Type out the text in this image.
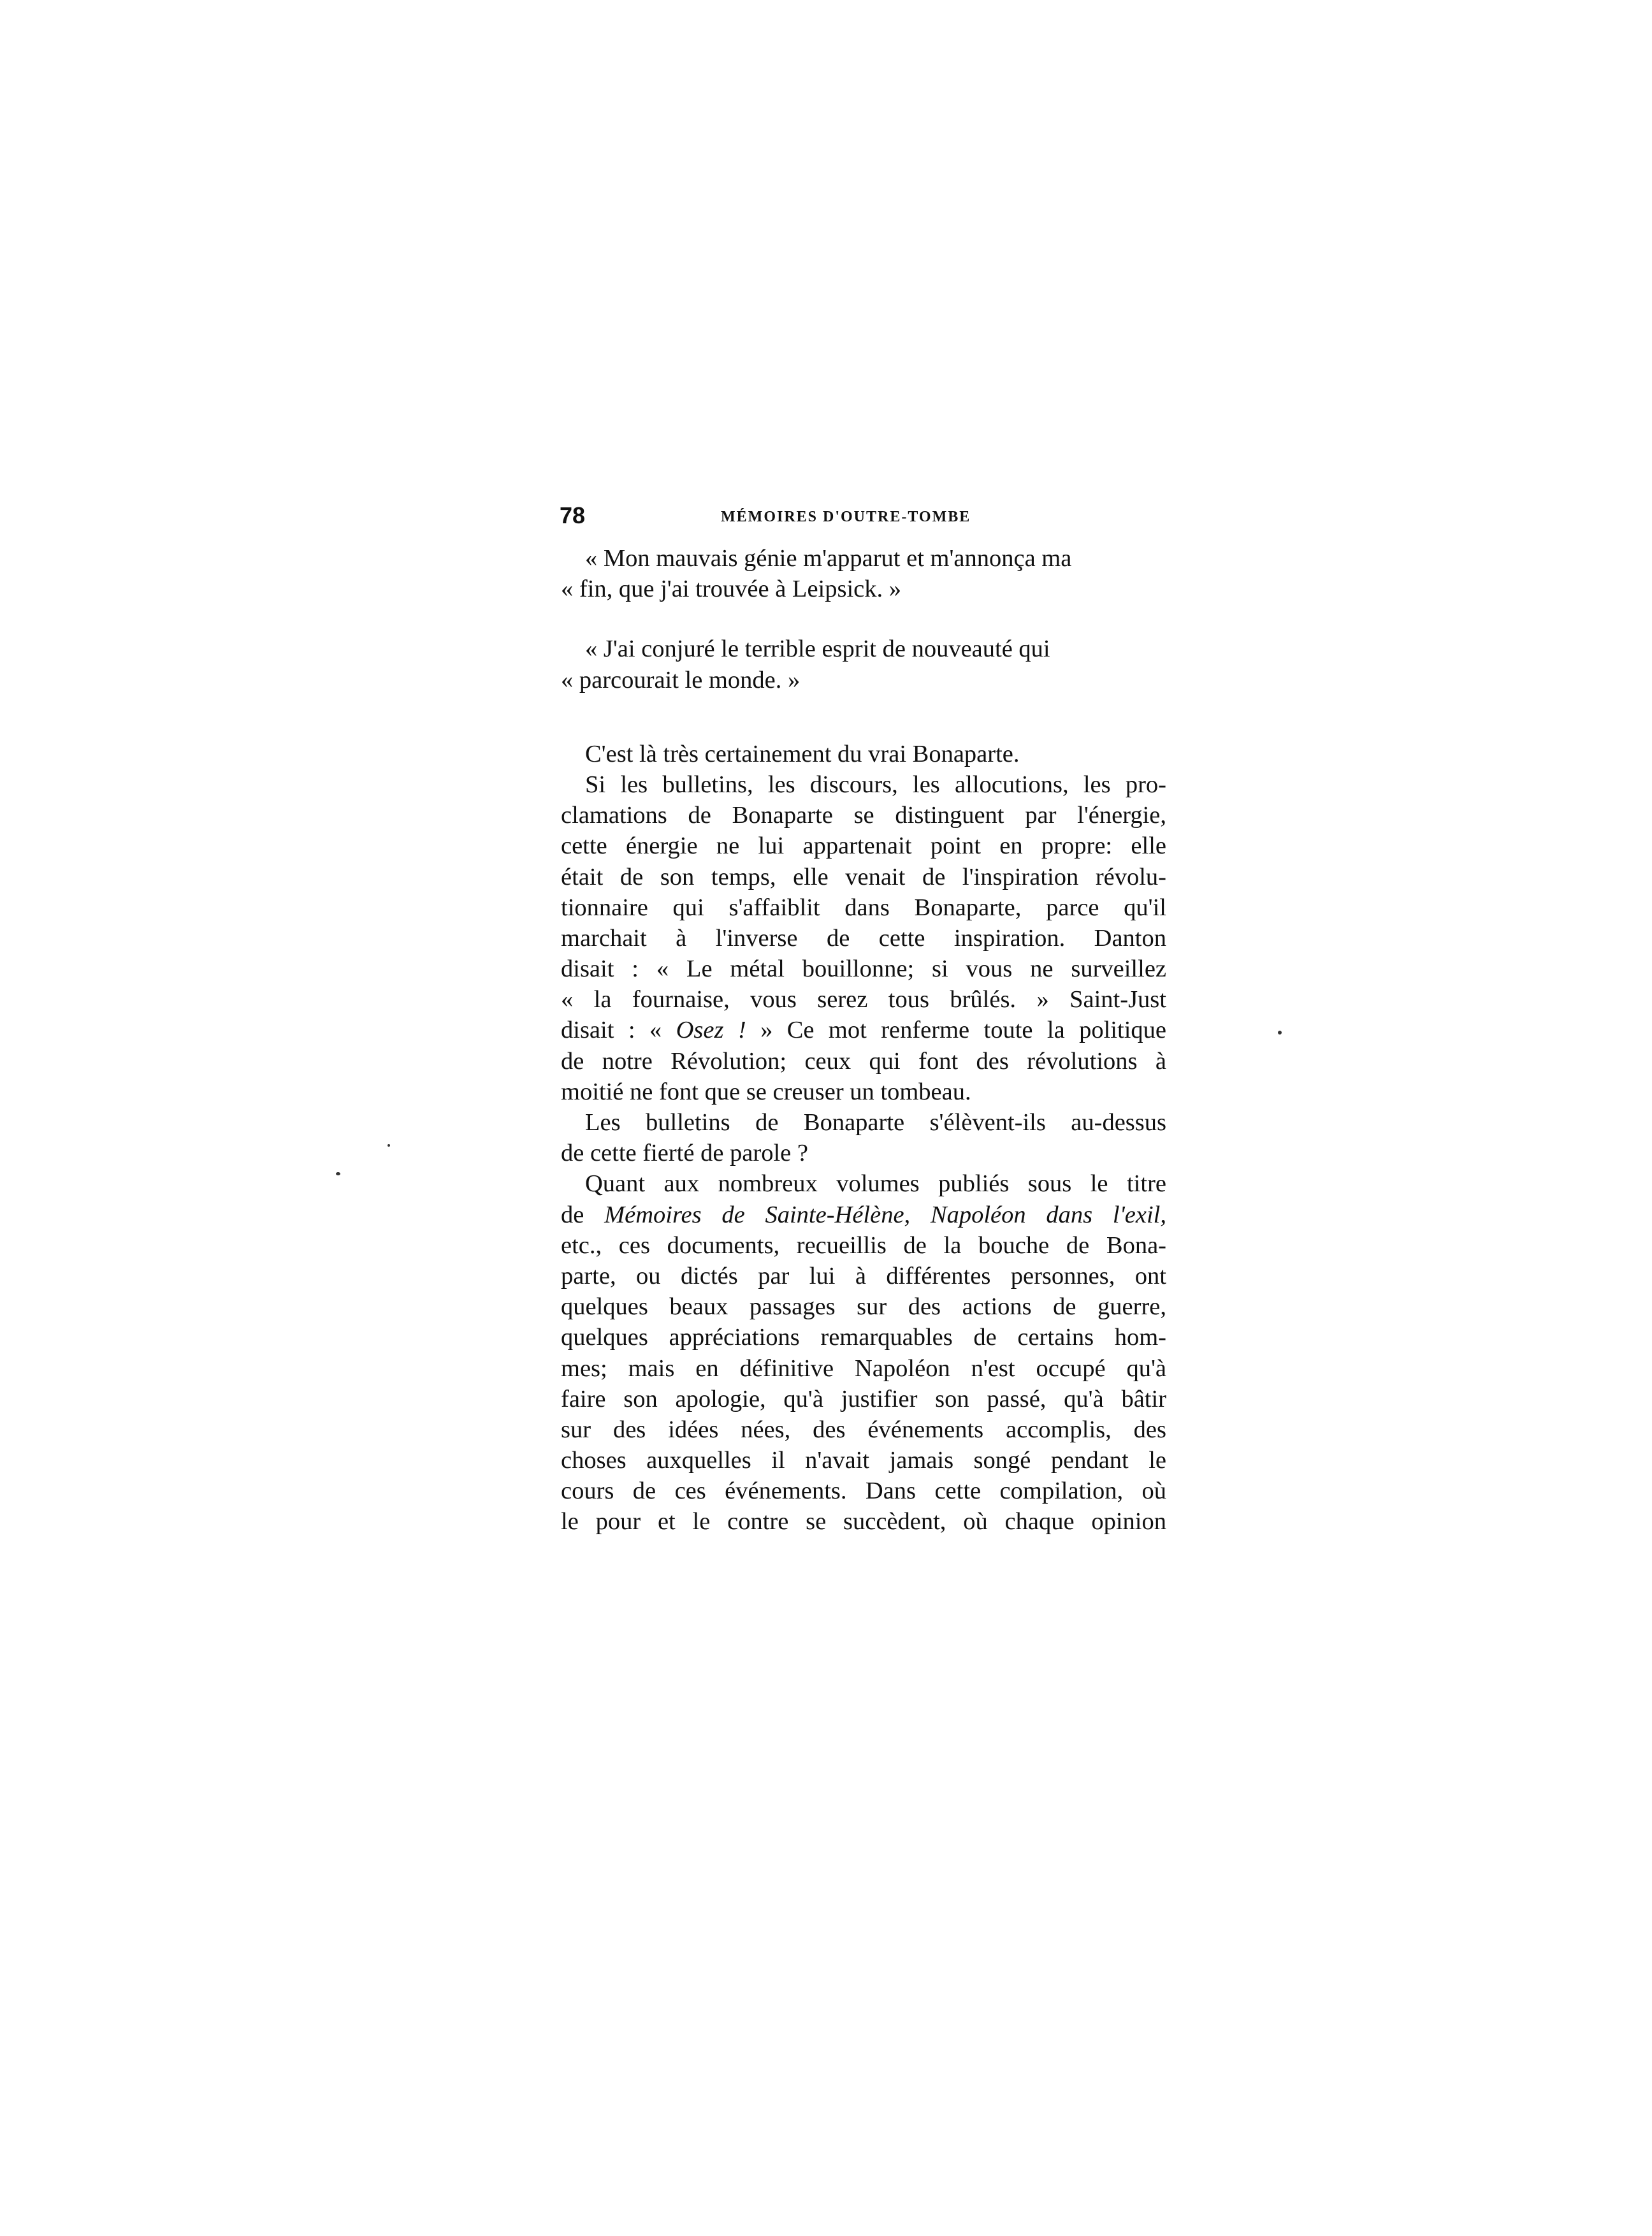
78	MÉMOIRES D'OUTRE-TOMBE
« Mon mauvais génie m'apparut et m'annonça ma
« fin, que j'ai trouvée à Leipsick. »
« J'ai conjuré le terrible esprit de nouveauté qui
« parcourait le monde. »
C'est là très certainement du vrai Bonaparte.
Si les bulletins, les discours, les allocutions, les pro-
clamations de Bonaparte se distinguent par l'énergie,
cette énergie ne lui appartenait point en propre: elle
était de son temps, elle venait de l'inspiration révolu-
tionnaire qui s'affaiblit dans Bonaparte, parce qu'il
marchait à l'inverse de cette inspiration. Danton
disait : « Le métal bouillonne; si vous ne surveillez
« la fournaise, vous serez tous brûlés. » Saint-Just
disait : « Osez ! » Ce mot renferme toute la politique
de notre Révolution; ceux qui font des révolutions à
moitié ne font que se creuser un tombeau.
Les bulletins de Bonaparte s'élèvent-ils au-dessus
de cette fierté de parole ?
Quant aux nombreux volumes publiés sous le titre
de Mémoires de Sainte-Hélène, Napoléon dans l'exil,
etc., ces documents, recueillis de la bouche de Bona-
parte, ou dictés par lui à différentes personnes, ont
quelques beaux passages sur des actions de guerre,
quelques appréciations remarquables de certains hom-
mes; mais en définitive Napoléon n'est occupé qu'à
faire son apologie, qu'à justifier son passé, qu'à bâtir
sur des idées nées, des événements accomplis, des
choses auxquelles il n'avait jamais songé pendant le
cours de ces événements. Dans cette compilation, où
le pour et le contre se succèdent, où chaque opinion
